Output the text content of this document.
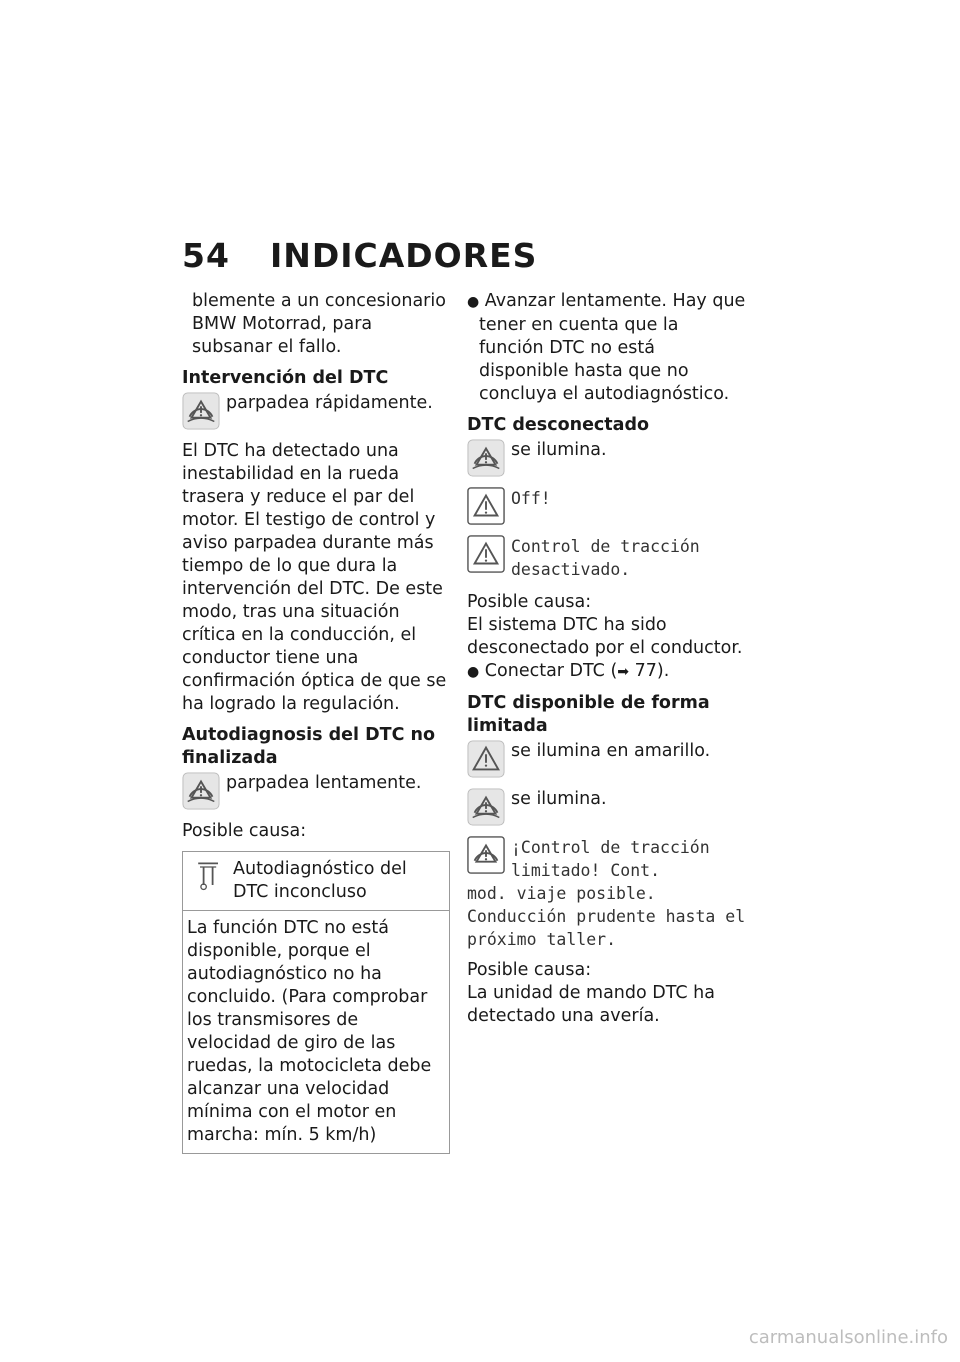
54 INDICADORES

blemente a un concesionario BMW Motorrad, para subsanar el fallo.

Intervención del DTC
parpadea rápidamente.

El DTC ha detectado una inestabilidad en la rueda trasera y reduce el par del motor. El testigo de control y aviso parpadea durante más tiempo de lo que dura la intervención del DTC. De este modo, tras una situación crítica en la conducción, el conductor tiene una confirmación óptica de que se ha logrado la regulación.

Autodiagnosis del DTC no finalizada
parpadea lentamente.

Posible causa:

Autodiagnóstico del DTC inconcluso
La función DTC no está disponible, porque el autodiagnóstico no ha concluido. (Para comprobar los transmisores de velocidad de giro de las ruedas, la motocicleta debe alcanzar una velocidad mínima con el motor en marcha: mín. 5 km/h)

● Avanzar lentamente. Hay que tener en cuenta que la función DTC no está disponible hasta que no concluya el autodiagnóstico.

DTC desconectado
se ilumina.
Off!
Control de tracción desactivado.

Posible causa:

El sistema DTC ha sido desconectado por el conductor.

● Conectar DTC (➡ 77).

DTC disponible de forma limitada
se ilumina en amarillo.
se ilumina.
¡Control de tracción limitado! Cont.
mod. viaje posible. Conducción prudente hasta el próximo taller.

Posible causa:

La unidad de mando DTC ha detectado una avería.

carmanualsonline.info
